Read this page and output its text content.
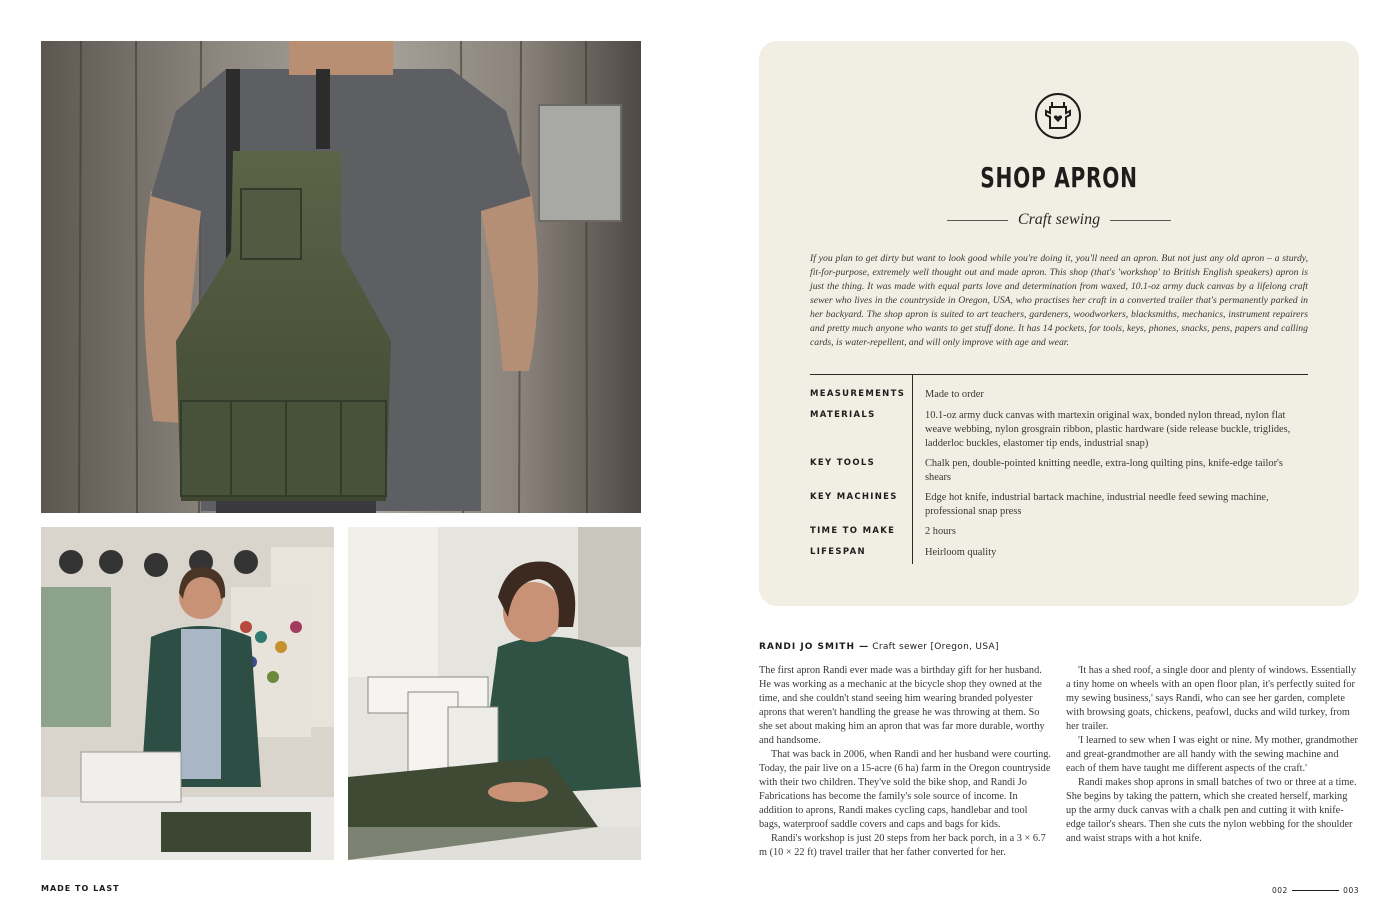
SHOP APRON
Craft sewing
If you plan to get dirty but want to look good while you're doing it, you'll need an apron. But not just any old apron – a sturdy, fit-for-purpose, extremely well thought out and made apron. This shop (that's 'workshop' to British English speakers) apron is just the thing. It was made with equal parts love and determination from waxed, 10.1-oz army duck canvas by a lifelong craft sewer who lives in the countryside in Oregon, USA, who practises her craft in a converted trailer that's permanently parked in her backyard. The shop apron is suited to art teachers, gardeners, woodworkers, blacksmiths, mechanics, instrument repairers and pretty much anyone who wants to get stuff done. It has 14 pockets, for tools, keys, phones, snacks, pens, papers and calling cards, is water-repellent, and will only improve with age and wear.
MEASUREMENTS Made to order
MATERIALS	10.1-oz army duck canvas with martexin original wax, bonded nylon thread, nylon flat weave webbing, nylon grosgrain ribbon, plastic hardware (side release buckle, triglides, ladderloc buckles, elastomer tip ends, industrial snap)
KEY TOOLS	Chalk pen, double-pointed knitting needle, extra-long quilting pins, knife-edge tailor's shears
KEY MACHINES	Edge hot knife, industrial bartack machine, industrial needle feed sewing machine, professional snap press
TIME TO MAKE	2 hours
LIFESPAN	Heirloom quality
RANDI JO SMITH — Craft sewer [Oregon, USA]

The first apron Randi ever made was a birthday gift for her husband. He was working as a mechanic at the bicycle shop they owned at the time, and she couldn't stand seeing him wearing branded polyester aprons that weren't handling the grease he was throwing at them. So she set about making him an apron that was far more durable, worthy and handsome.

That was back in 2006, when Randi and her husband were courting. Today, the pair live on a 15-acre (6 ha) farm in the Oregon countryside with their two children. They've sold the bike shop, and Randi Jo Fabrications has become the family's sole source of income. In addition to aprons, Randi makes cycling caps, handlebar and tool bags, waterproof saddle covers and caps and bags for kids.

Randi's workshop is just 20 steps from her back porch, in a 3 × 6.7 m (10 × 22 ft) travel trailer that her father converted for her.

'It has a shed roof, a single door and plenty of windows. Essentially a tiny home on wheels with an open floor plan, it's perfectly suited for my sewing business,' says Randi, who can see her garden, complete with browsing goats, chickens, peafowl, ducks and wild turkey, from her trailer.

'I learned to sew when I was eight or nine. My mother, grandmother and great-grandmother are all handy with the sewing machine and each of them have taught me different aspects of the craft.'

Randi makes shop aprons in small batches of two or three at a time. She begins by taking the pattern, which she created herself, marking up the army duck canvas with a chalk pen and cutting it with knife-edge tailor's shears. Then she cuts the nylon webbing for the shoulder and waist straps with a hot knife.

MADE TO LAST	002	003
